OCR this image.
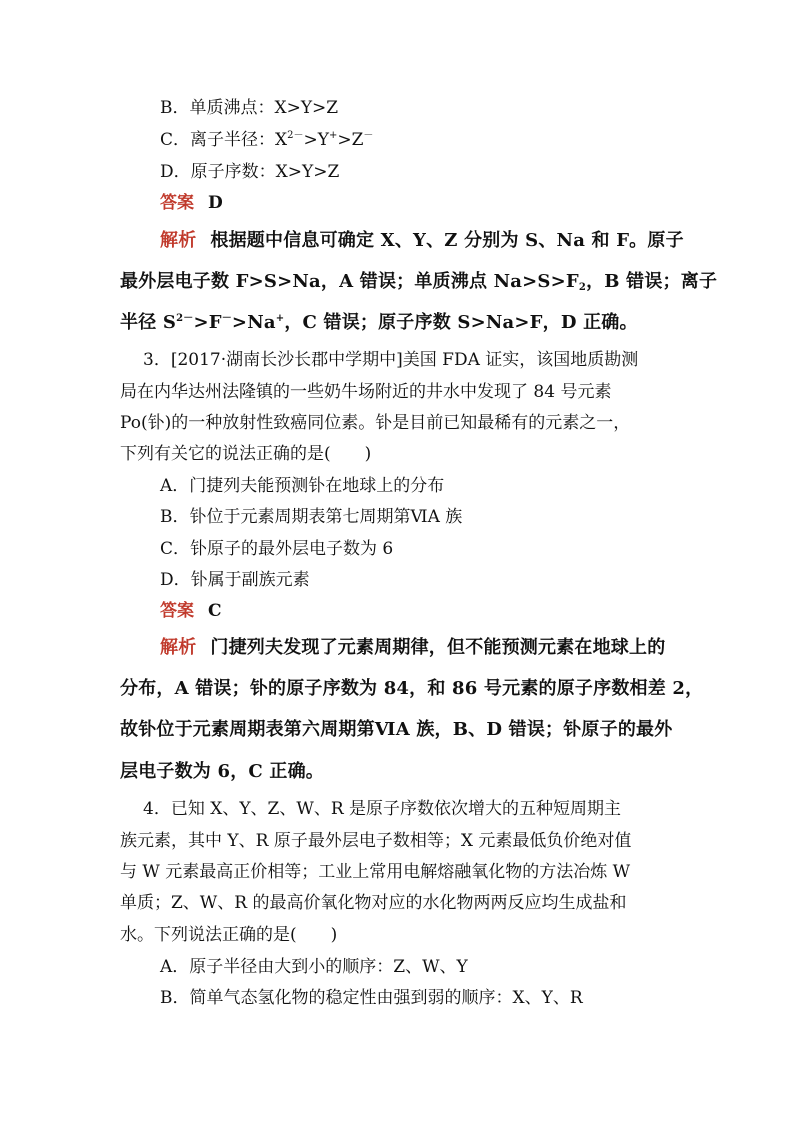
B．单质沸点：X>Y>Z
C．离子半径：$X^{2-}>Y^+>Z^-$
D．原子序数：X>Y>Z
答案 D
解析 根据题中信息可确定 X、Y、Z 分别为 S、Na 和 F。原子
最外层电子数 F>S>Na，A 错误；单质沸点 $Na>S>F_2$，B 错误；离子
半径 $S^{2-}>F^->Na^+$，C 错误；原子序数 S>Na>F，D 正确。
3．[2017·湖南长沙长郡中学期中]美国 FDA 证实，该国地质勘测
局在内华达州法隆镇的一些奶牛场附近的井水中发现了 84 号元素
Po(钋)的一种放射性致癌同位素。钋是目前已知最稀有的元素之一，
下列有关它的说法正确的是(　　)
A．门捷列夫能预测钋在地球上的分布
B．钋位于元素周期表第七周期第ⅥA 族
C．钋原子的最外层电子数为 6
D．钋属于副族元素
答案 C
解析 门捷列夫发现了元素周期律，但不能预测元素在地球上的
分布，A 错误；钋的原子序数为 84，和 86 号元素的原子序数相差 2，
故钋位于元素周期表第六周期第ⅥA 族，B、D 错误；钋原子的最外
层电子数为 6，C 正确。
4．已知 X、Y、Z、W、R 是原子序数依次增大的五种短周期主
族元素，其中 Y、R 原子最外层电子数相等；X 元素最低负价绝对值
与 W 元素最高正价相等；工业上常用电解熔融氧化物的方法冶炼 W
单质；Z、W、R 的最高价氧化物对应的水化物两两反应均生成盐和
水。下列说法正确的是(　　)
A．原子半径由大到小的顺序：Z、W、Y
B．简单气态氢化物的稳定性由强到弱的顺序：X、Y、R
